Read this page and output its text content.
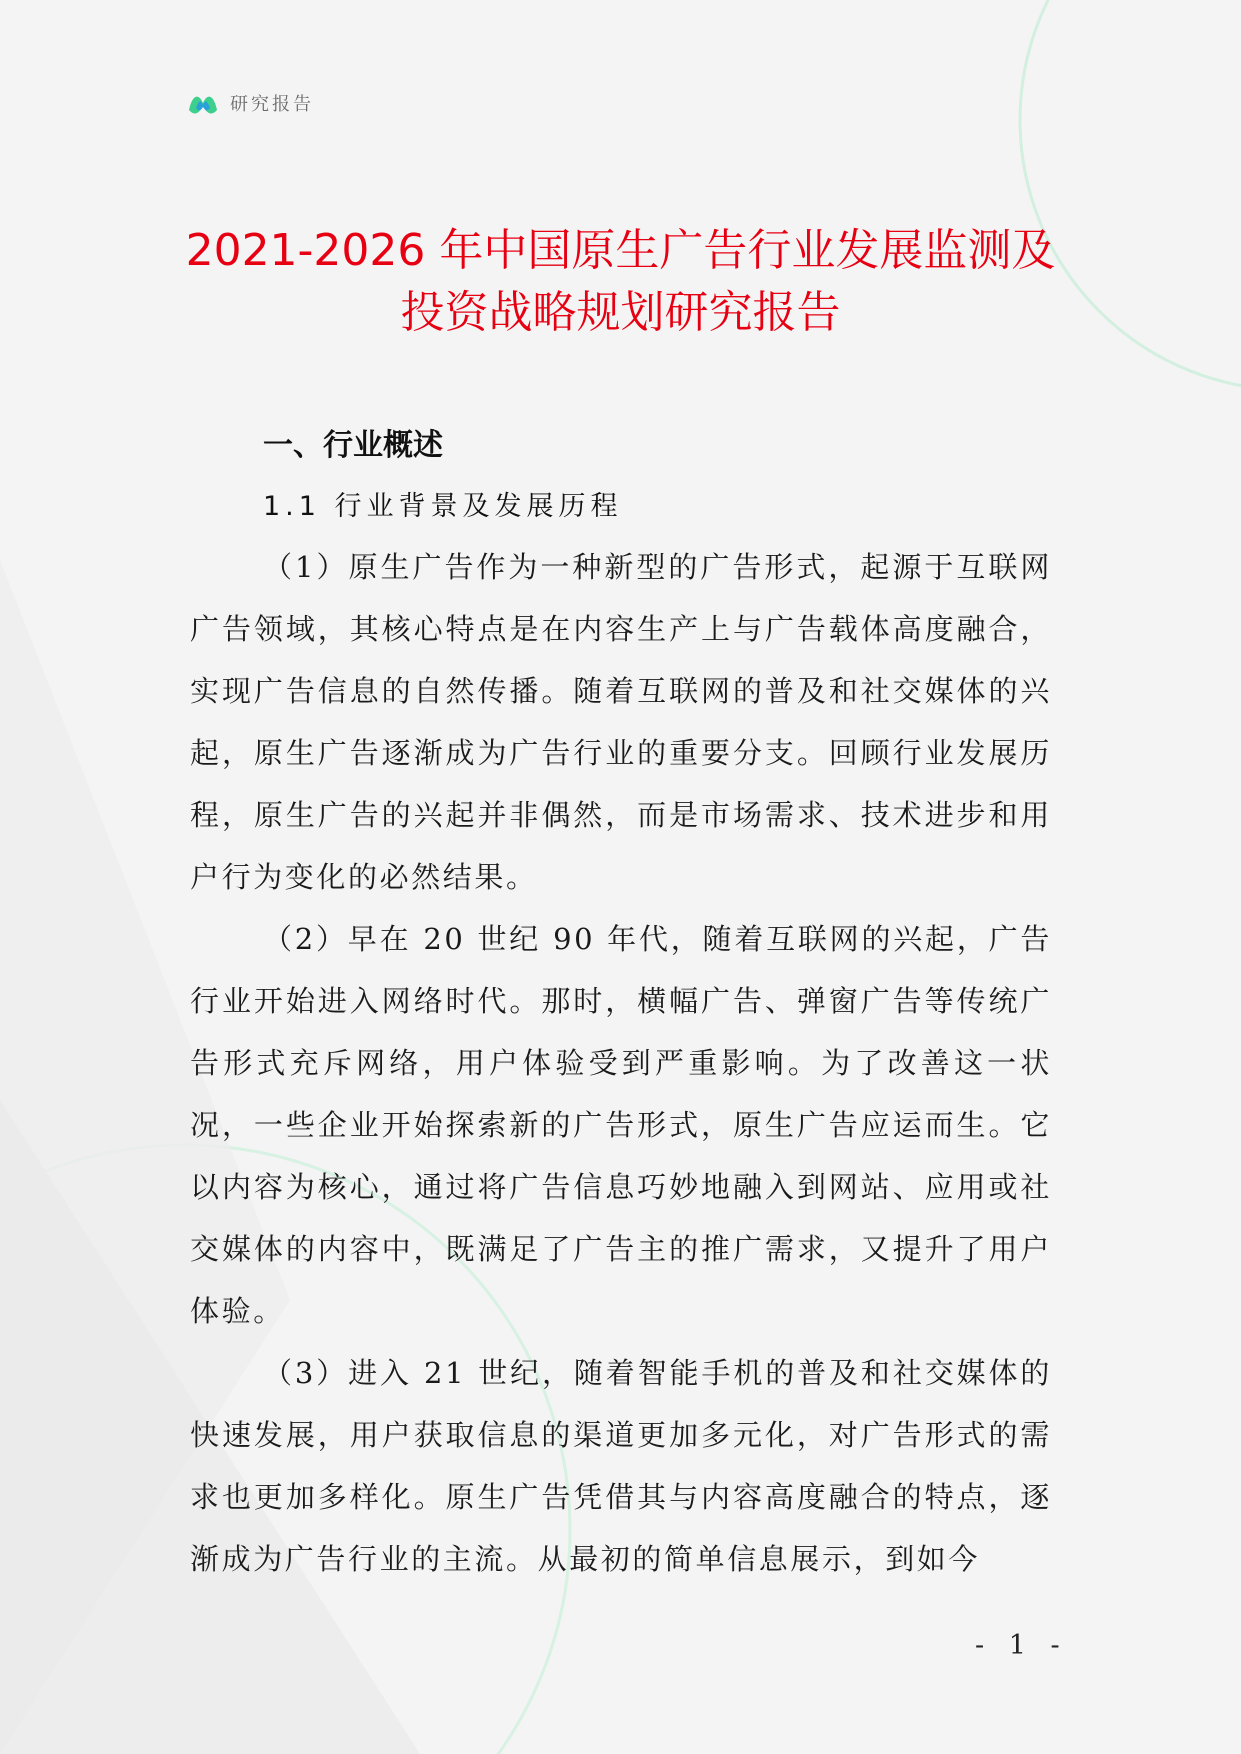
研究报告
2021-2026 年中国原生广告行业发展监测及
投资战略规划研究报告
一、行业概述
1.1 行业背景及发展历程

（1）原生广告作为一种新型的广告形式，起源于互联网广告领域，其核心特点是在内容生产上与广告载体高度融合，实现广告信息的自然传播。随着互联网的普及和社交媒体的兴起，原生广告逐渐成为广告行业的重要分支。回顾行业发展历程，原生广告的兴起并非偶然，而是市场需求、技术进步和用户行为变化的必然结果。

（2）早在 20 世纪 90 年代，随着互联网的兴起，广告行业开始进入网络时代。那时，横幅广告、弹窗广告等传统广告形式充斥网络，用户体验受到严重影响。为了改善这一状况，一些企业开始探索新的广告形式，原生广告应运而生。它以内容为核心，通过将广告信息巧妙地融入到网站、应用或社交媒体的内容中，既满足了广告主的推广需求，又提升了用户体验。

（3）进入 21 世纪，随着智能手机的普及和社交媒体的快速发展，用户获取信息的渠道更加多元化，对广告形式的需求也更加多样化。原生广告凭借其与内容高度融合的特点，逐渐成为广告行业的主流。从最初的简单信息展示，到如今

- 1 -
